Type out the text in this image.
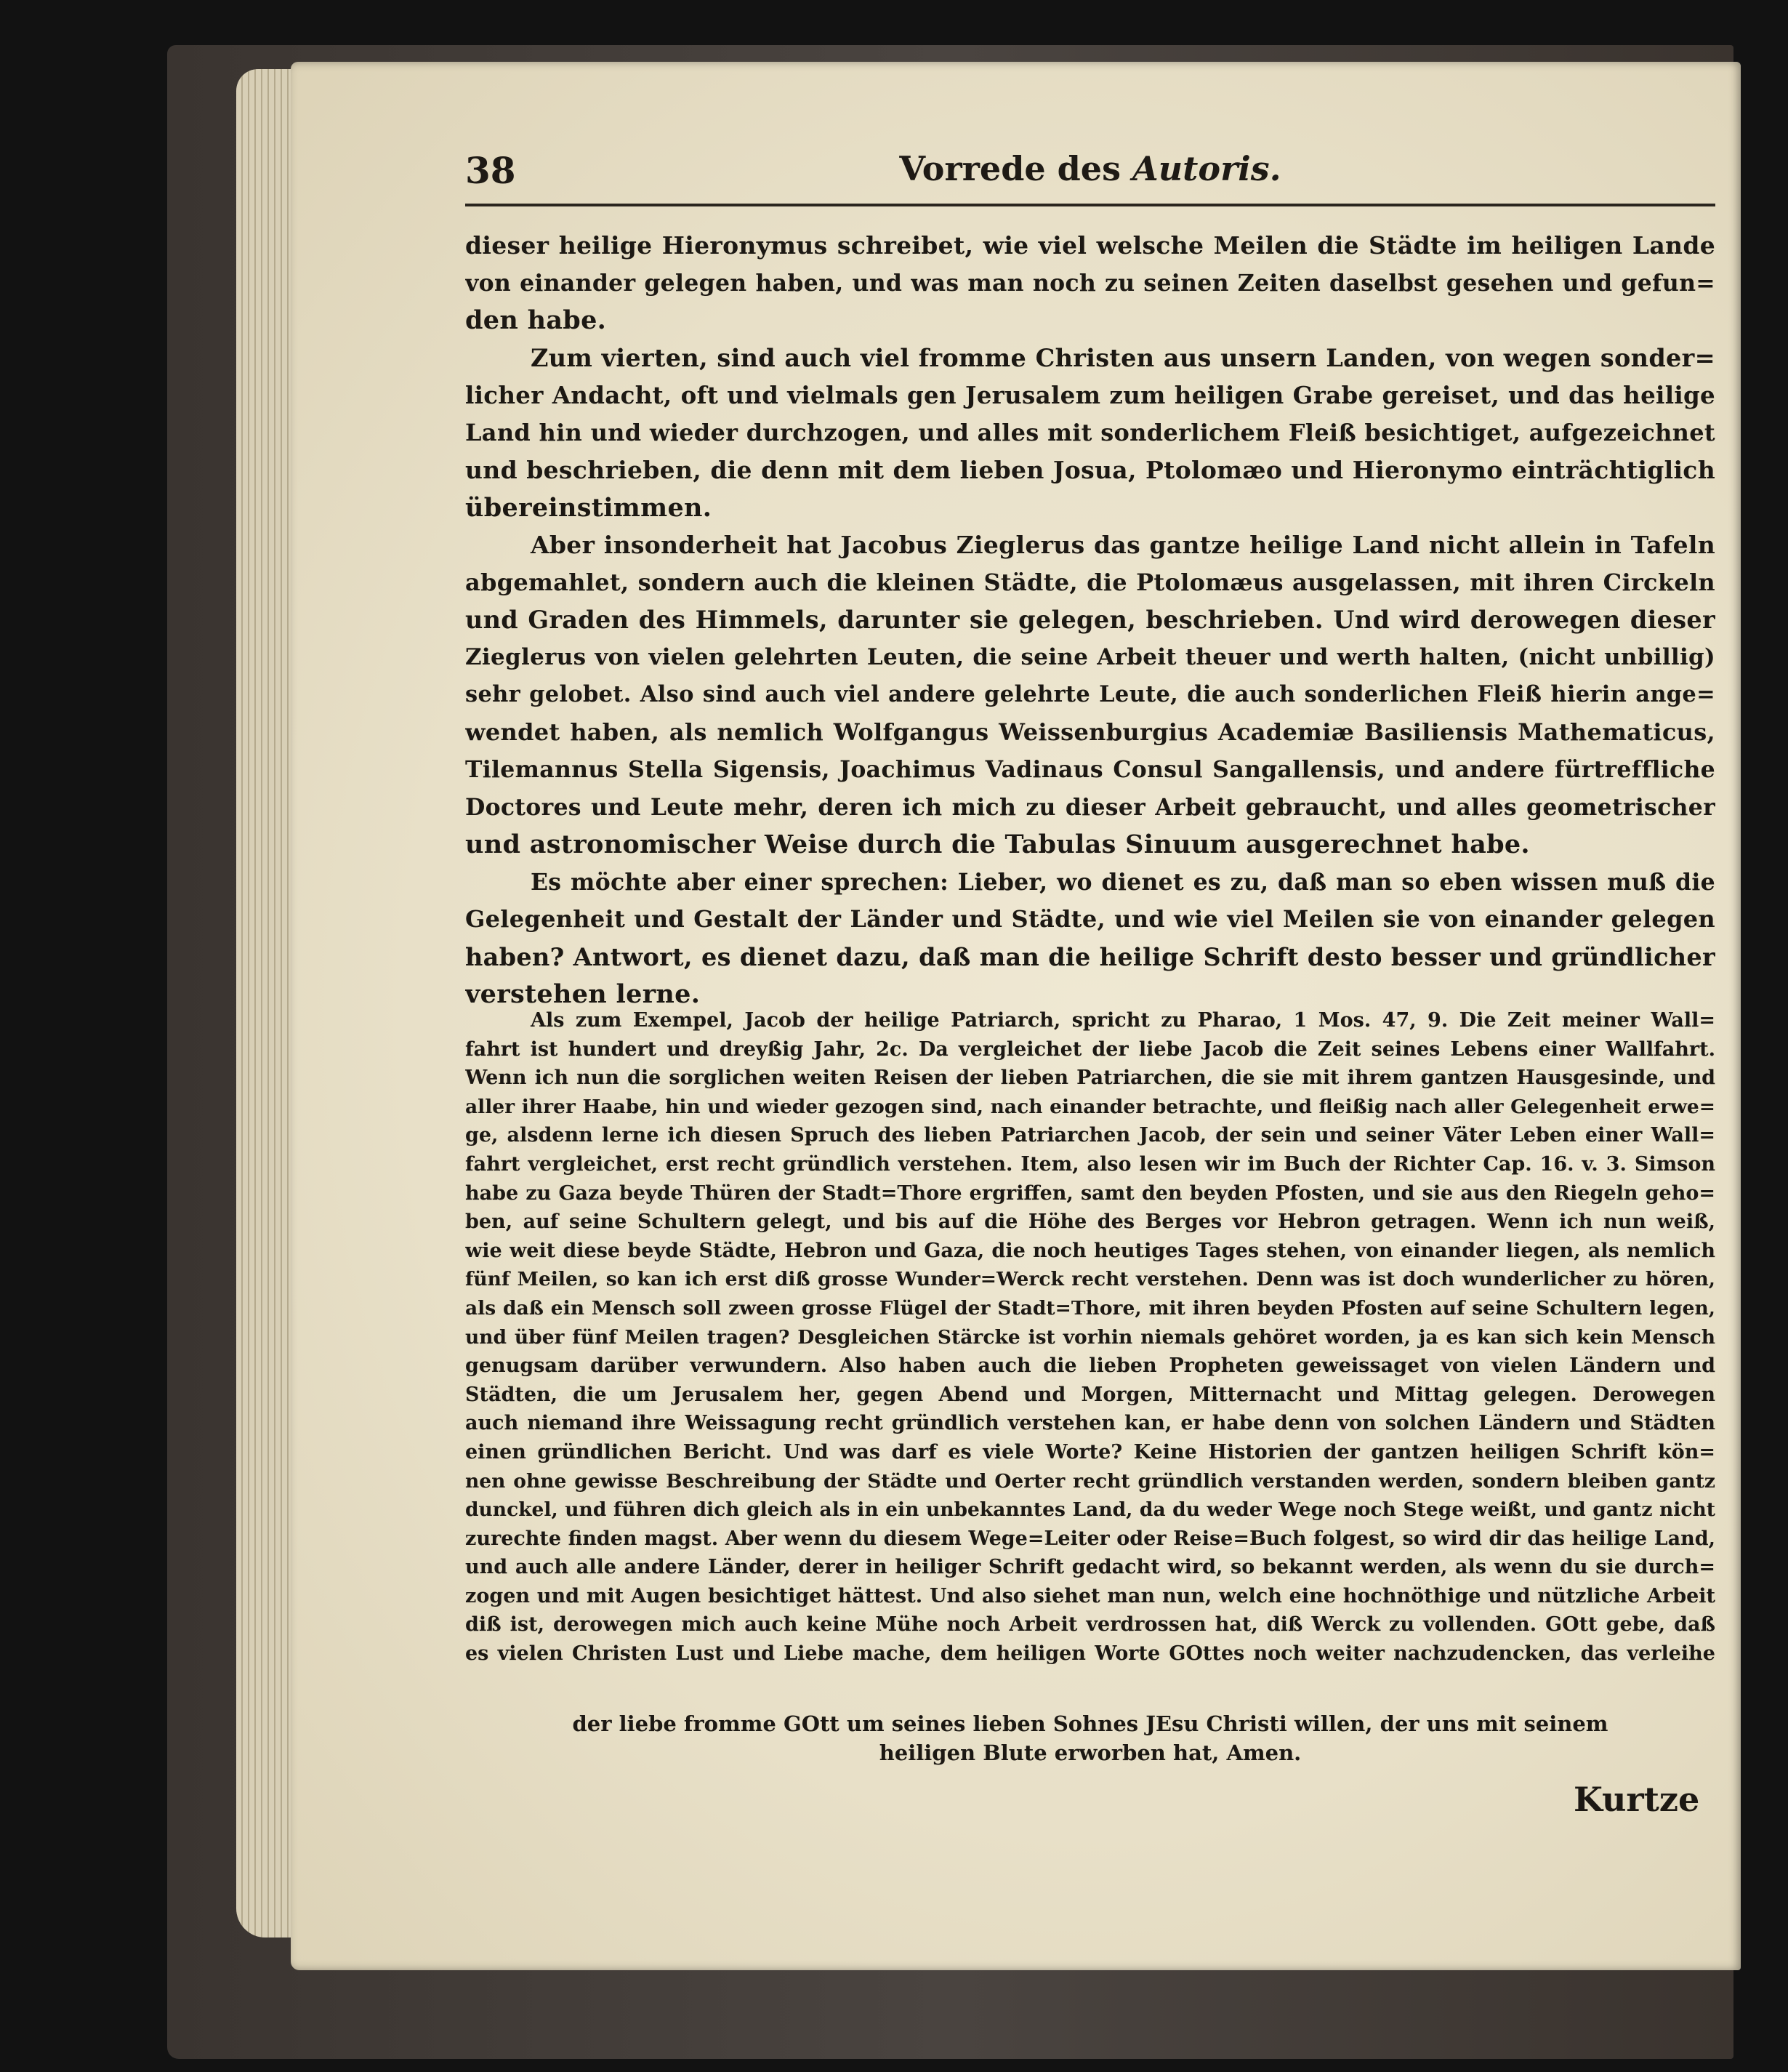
38	Vorrede des Autoris.
dieser heilige Hieronymus schreibet, wie viel welsche Meilen die Städte im heiligen Lande
von einander gelegen haben, und was man noch zu seinen Zeiten daselbst gesehen und gefun=
den habe.
Zum vierten, sind auch viel fromme Christen aus unsern Landen, von wegen sonder=
licher Andacht, oft und vielmals gen Jerusalem zum heiligen Grabe gereiset, und das heilige
Land hin und wieder durchzogen, und alles mit sonderlichem Fleiß besichtiget, aufgezeichnet
und beschrieben, die denn mit dem lieben Josua, Ptolomæo und Hieronymo einträchtiglich
übereinstimmen.
Aber insonderheit hat Jacobus Zieglerus das gantze heilige Land nicht allein in Tafeln
abgemahlet, sondern auch die kleinen Städte, die Ptolomæus ausgelassen, mit ihren Circkeln
und Graden des Himmels, darunter sie gelegen, beschrieben. Und wird derowegen dieser
Zieglerus von vielen gelehrten Leuten, die seine Arbeit theuer und werth halten, (nicht unbillig)
sehr gelobet. Also sind auch viel andere gelehrte Leute, die auch sonderlichen Fleiß hierin ange=
wendet haben, als nemlich Wolfgangus Weissenburgius Academiæ Basiliensis Mathematicus,
Tilemannus Stella Sigensis, Joachimus Vadinaus Consul Sangallensis, und andere fürtreffliche
Doctores und Leute mehr, deren ich mich zu dieser Arbeit gebraucht, und alles geometrischer
und astronomischer Weise durch die Tabulas Sinuum ausgerechnet habe.
Es möchte aber einer sprechen: Lieber, wo dienet es zu, daß man so eben wissen muß die
Gelegenheit und Gestalt der Länder und Städte, und wie viel Meilen sie von einander gelegen
haben? Antwort, es dienet dazu, daß man die heilige Schrift desto besser und gründlicher
verstehen lerne.
Als zum Exempel, Jacob der heilige Patriarch, spricht zu Pharao, 1 Mos. 47, 9. Die Zeit meiner Wall=
fahrt ist hundert und dreyßig Jahr, 2c. Da vergleichet der liebe Jacob die Zeit seines Lebens einer Wallfahrt.
Wenn ich nun die sorglichen weiten Reisen der lieben Patriarchen, die sie mit ihrem gantzen Hausgesinde, und
aller ihrer Haabe, hin und wieder gezogen sind, nach einander betrachte, und fleißig nach aller Gelegenheit erwe=
ge, alsdenn lerne ich diesen Spruch des lieben Patriarchen Jacob, der sein und seiner Väter Leben einer Wall=
fahrt vergleichet, erst recht gründlich verstehen. Item, also lesen wir im Buch der Richter Cap. 16. v. 3. Simson
habe zu Gaza beyde Thüren der Stadt=Thore ergriffen, samt den beyden Pfosten, und sie aus den Riegeln geho=
ben, auf seine Schultern gelegt, und bis auf die Höhe des Berges vor Hebron getragen. Wenn ich nun weiß,
wie weit diese beyde Städte, Hebron und Gaza, die noch heutiges Tages stehen, von einander liegen, als nemlich
fünf Meilen, so kan ich erst diß grosse Wunder=Werck recht verstehen. Denn was ist doch wunderlicher zu hören,
als daß ein Mensch soll zween grosse Flügel der Stadt=Thore, mit ihren beyden Pfosten auf seine Schultern legen,
und über fünf Meilen tragen? Desgleichen Stärcke ist vorhin niemals gehöret worden, ja es kan sich kein Mensch
genugsam darüber verwundern. Also haben auch die lieben Propheten geweissaget von vielen Ländern und
Städten, die um Jerusalem her, gegen Abend und Morgen, Mitternacht und Mittag gelegen. Derowegen
auch niemand ihre Weissagung recht gründlich verstehen kan, er habe denn von solchen Ländern und Städten
einen gründlichen Bericht. Und was darf es viele Worte? Keine Historien der gantzen heiligen Schrift kön=
nen ohne gewisse Beschreibung der Städte und Oerter recht gründlich verstanden werden, sondern bleiben gantz
dunckel, und führen dich gleich als in ein unbekanntes Land, da du weder Wege noch Stege weißt, und gantz nicht
zurechte finden magst. Aber wenn du diesem Wege=Leiter oder Reise=Buch folgest, so wird dir das heilige Land,
und auch alle andere Länder, derer in heiliger Schrift gedacht wird, so bekannt werden, als wenn du sie durch=
zogen und mit Augen besichtiget hättest. Und also siehet man nun, welch eine hochnöthige und nützliche Arbeit
diß ist, derowegen mich auch keine Mühe noch Arbeit verdrossen hat, diß Werck zu vollenden. GOtt gebe, daß
es vielen Christen Lust und Liebe mache, dem heiligen Worte GOttes noch weiter nachzudencken, das verleihe
der liebe fromme GOtt um seines lieben Sohnes JEsu Christi willen, der uns mit seinem
heiligen Blute erworben hat, Amen.
Kurtze
